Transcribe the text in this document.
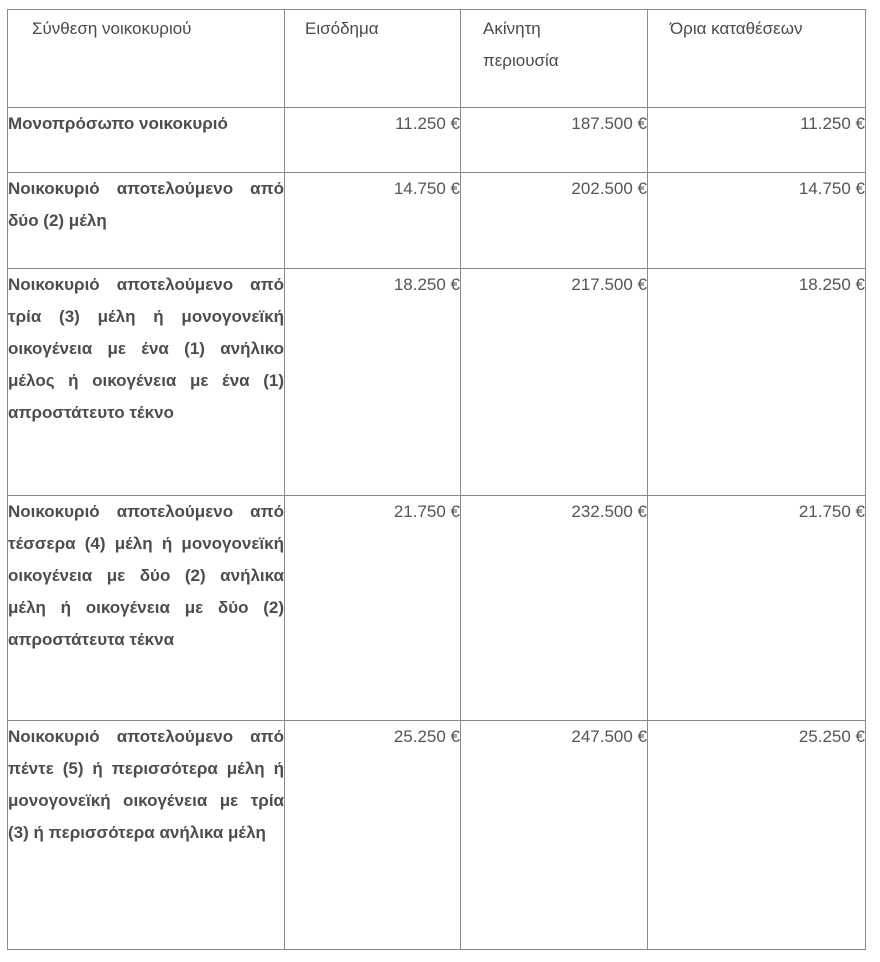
Σύνθεση νοικοκυριού	Εισόδημα	Ακίνητη περιουσία	Όρια καταθέσεων

Μονοπρόσωπο νοικοκυριό	11.250 €	187.500 €	11.250 €
Νοικοκυριό αποτελούμενο από δύο (2) μέλη	14.750 €	202.500 €	14.750 €
Νοικοκυριό αποτελούμενο από τρία (3) μέλη ή μονογονεϊκή οικογένεια με ένα (1) ανήλικο μέλος ή οικογένεια με ένα (1) απροστάτευτο τέκνο	18.250 €	217.500 €	18.250 €
Νοικοκυριό αποτελούμενο από τέσσερα (4) μέλη ή μονογονεϊκή οικογένεια με δύο (2) ανήλικα μέλη ή οικογένεια με δύο (2) απροστάτευτα τέκνα	21.750 €	232.500 €	21.750 €
Νοικοκυριό αποτελούμενο από πέντε (5) ή περισσότερα μέλη ή μονογονεϊκή οικογένεια με τρία (3) ή περισσότερα ανήλικα μέλη	25.250 €	247.500 €	25.250 €
